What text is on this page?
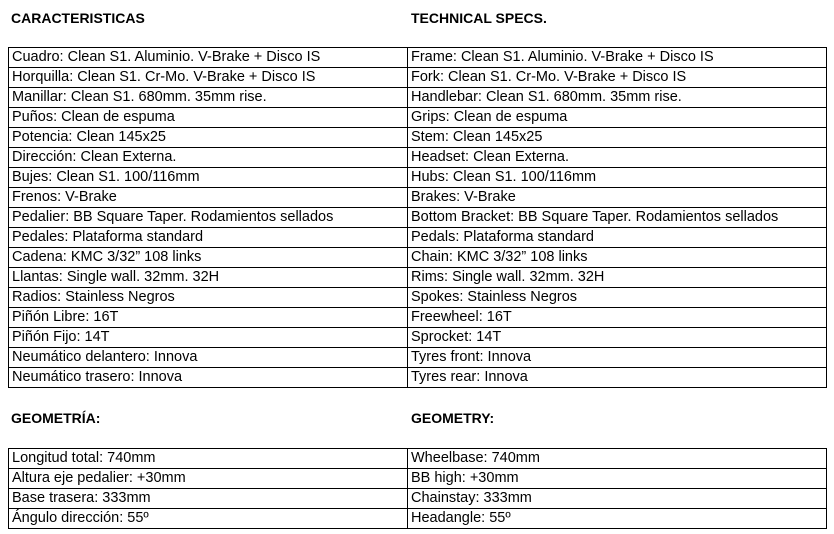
CARACTERISTICAS	TECHNICAL SPECS.
Cuadro: Clean S1. Aluminio. V-Brake + Disco IS	Frame: Clean S1. Aluminio. V-Brake + Disco IS
Horquilla: Clean S1. Cr-Mo. V-Brake + Disco IS	Fork: Clean S1. Cr-Mo. V-Brake + Disco IS
Manillar: Clean S1. 680mm. 35mm rise.	Handlebar: Clean S1. 680mm. 35mm rise.
Puños: Clean de espuma	Grips: Clean de espuma
Potencia: Clean 145x25	Stem: Clean 145x25
Dirección: Clean Externa.	Headset: Clean Externa.
Bujes: Clean S1. 100/116mm	Hubs: Clean S1. 100/116mm
Frenos: V-Brake	Brakes: V-Brake
Pedalier: BB Square Taper. Rodamientos sellados	Bottom Bracket: BB Square Taper. Rodamientos sellados
Pedales: Plataforma standard	Pedals: Plataforma standard
Cadena: KMC 3/32” 108 links	Chain: KMC 3/32” 108 links
Llantas: Single wall. 32mm. 32H	Rims: Single wall. 32mm. 32H
Radios: Stainless Negros	Spokes: Stainless Negros
Piñón Libre: 16T	Freewheel: 16T
Piñón Fijo: 14T	Sprocket: 14T
Neumático delantero: Innova	Tyres front: Innova
Neumático trasero: Innova	Tyres rear: Innova
GEOMETRÍA:	GEOMETRY:
Longitud total: 740mm	Wheelbase: 740mm
Altura eje pedalier: +30mm	BB high: +30mm
Base trasera: 333mm	Chainstay: 333mm
Ángulo dirección: 55º	Headangle: 55º
